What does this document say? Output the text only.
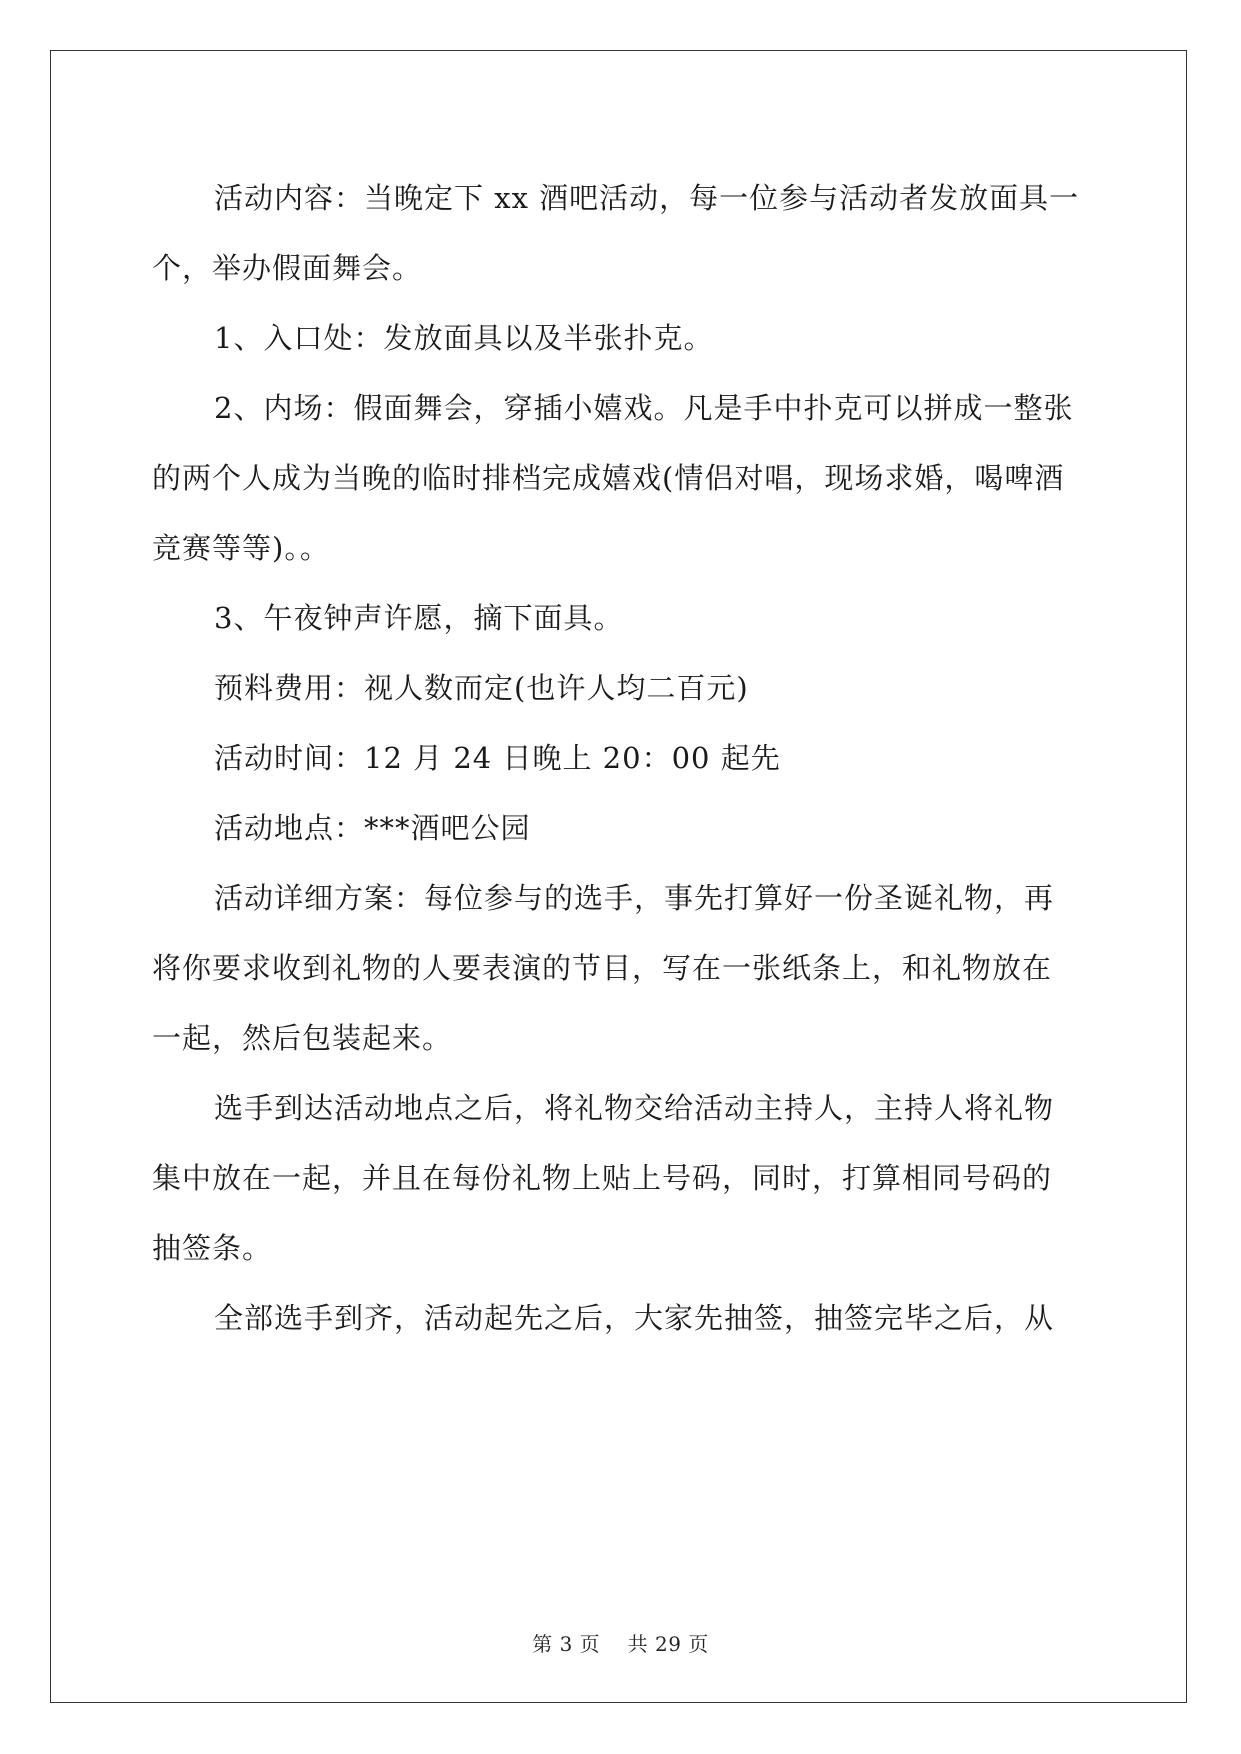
活动内容：当晚定下 xx 酒吧活动，每一位参与活动者发放面具一
个，举办假面舞会。
1、入口处：发放面具以及半张扑克。
2、内场：假面舞会，穿插小嬉戏。凡是手中扑克可以拼成一整张
的两个人成为当晚的临时排档完成嬉戏(情侣对唱，现场求婚，喝啤酒
竞赛等等)。。
3、午夜钟声许愿，摘下面具。
预料费用：视人数而定(也许人均二百元)
活动时间：12 月 24 日晚上 20：00 起先
活动地点：***酒吧公园
活动详细方案：每位参与的选手，事先打算好一份圣诞礼物，再
将你要求收到礼物的人要表演的节目，写在一张纸条上，和礼物放在
一起，然后包装起来。
选手到达活动地点之后，将礼物交给活动主持人，主持人将礼物
集中放在一起，并且在每份礼物上贴上号码，同时，打算相同号码的
抽签条。
全部选手到齐，活动起先之后，大家先抽签，抽签完毕之后，从
第 3 页 共 29 页
